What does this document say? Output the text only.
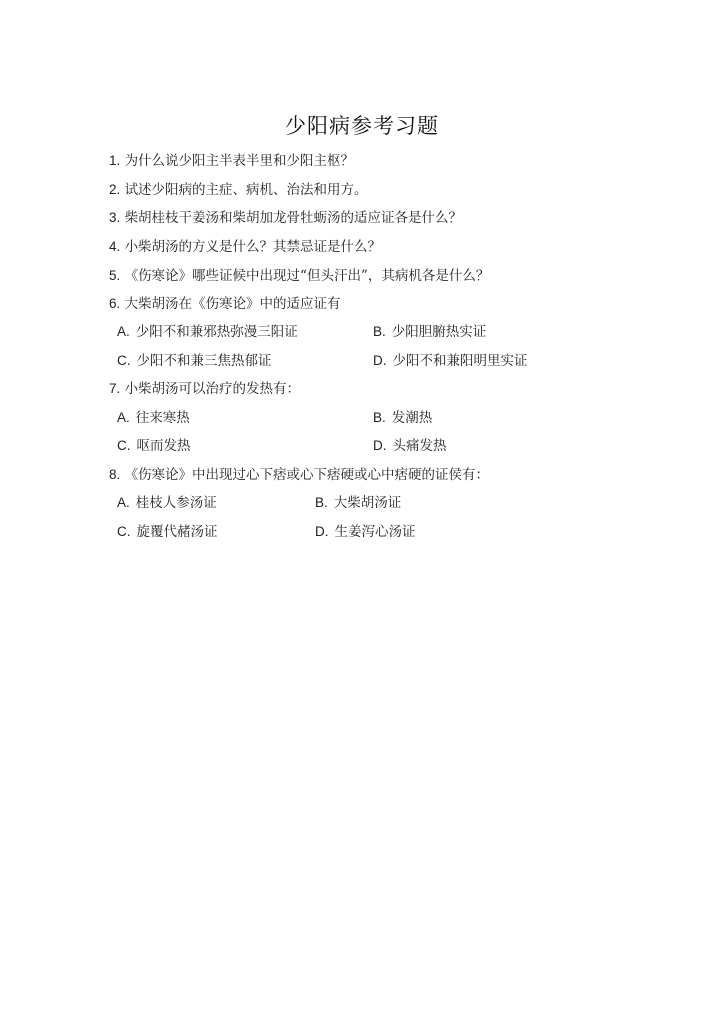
少阳病参考习题
1. 为什么说少阳主半表半里和少阳主枢？
2. 试述少阳病的主症、病机、治法和用方。
3. 柴胡桂枝干姜汤和柴胡加龙骨牡蛎汤的适应证各是什么？
4. 小柴胡汤的方义是什么？其禁忌证是什么？
5. 《伤寒论》哪些证候中出现过“但头汗出”，其病机各是什么？
6. 大柴胡汤在《伤寒论》中的适应证有
A. 少阳不和兼邪热弥漫三阳证	B. 少阳胆腑热实证
C. 少阳不和兼三焦热郁证	D. 少阳不和兼阳明里实证
7. 小柴胡汤可以治疗的发热有：
A. 往来寒热	B. 发潮热
C. 呕而发热	D. 头痛发热
8. 《伤寒论》中出现过心下痞或心下痞硬或心中痞硬的证侯有：
A. 桂枝人参汤证	B. 大柴胡汤证
C. 旋覆代赭汤证	D. 生姜泻心汤证
